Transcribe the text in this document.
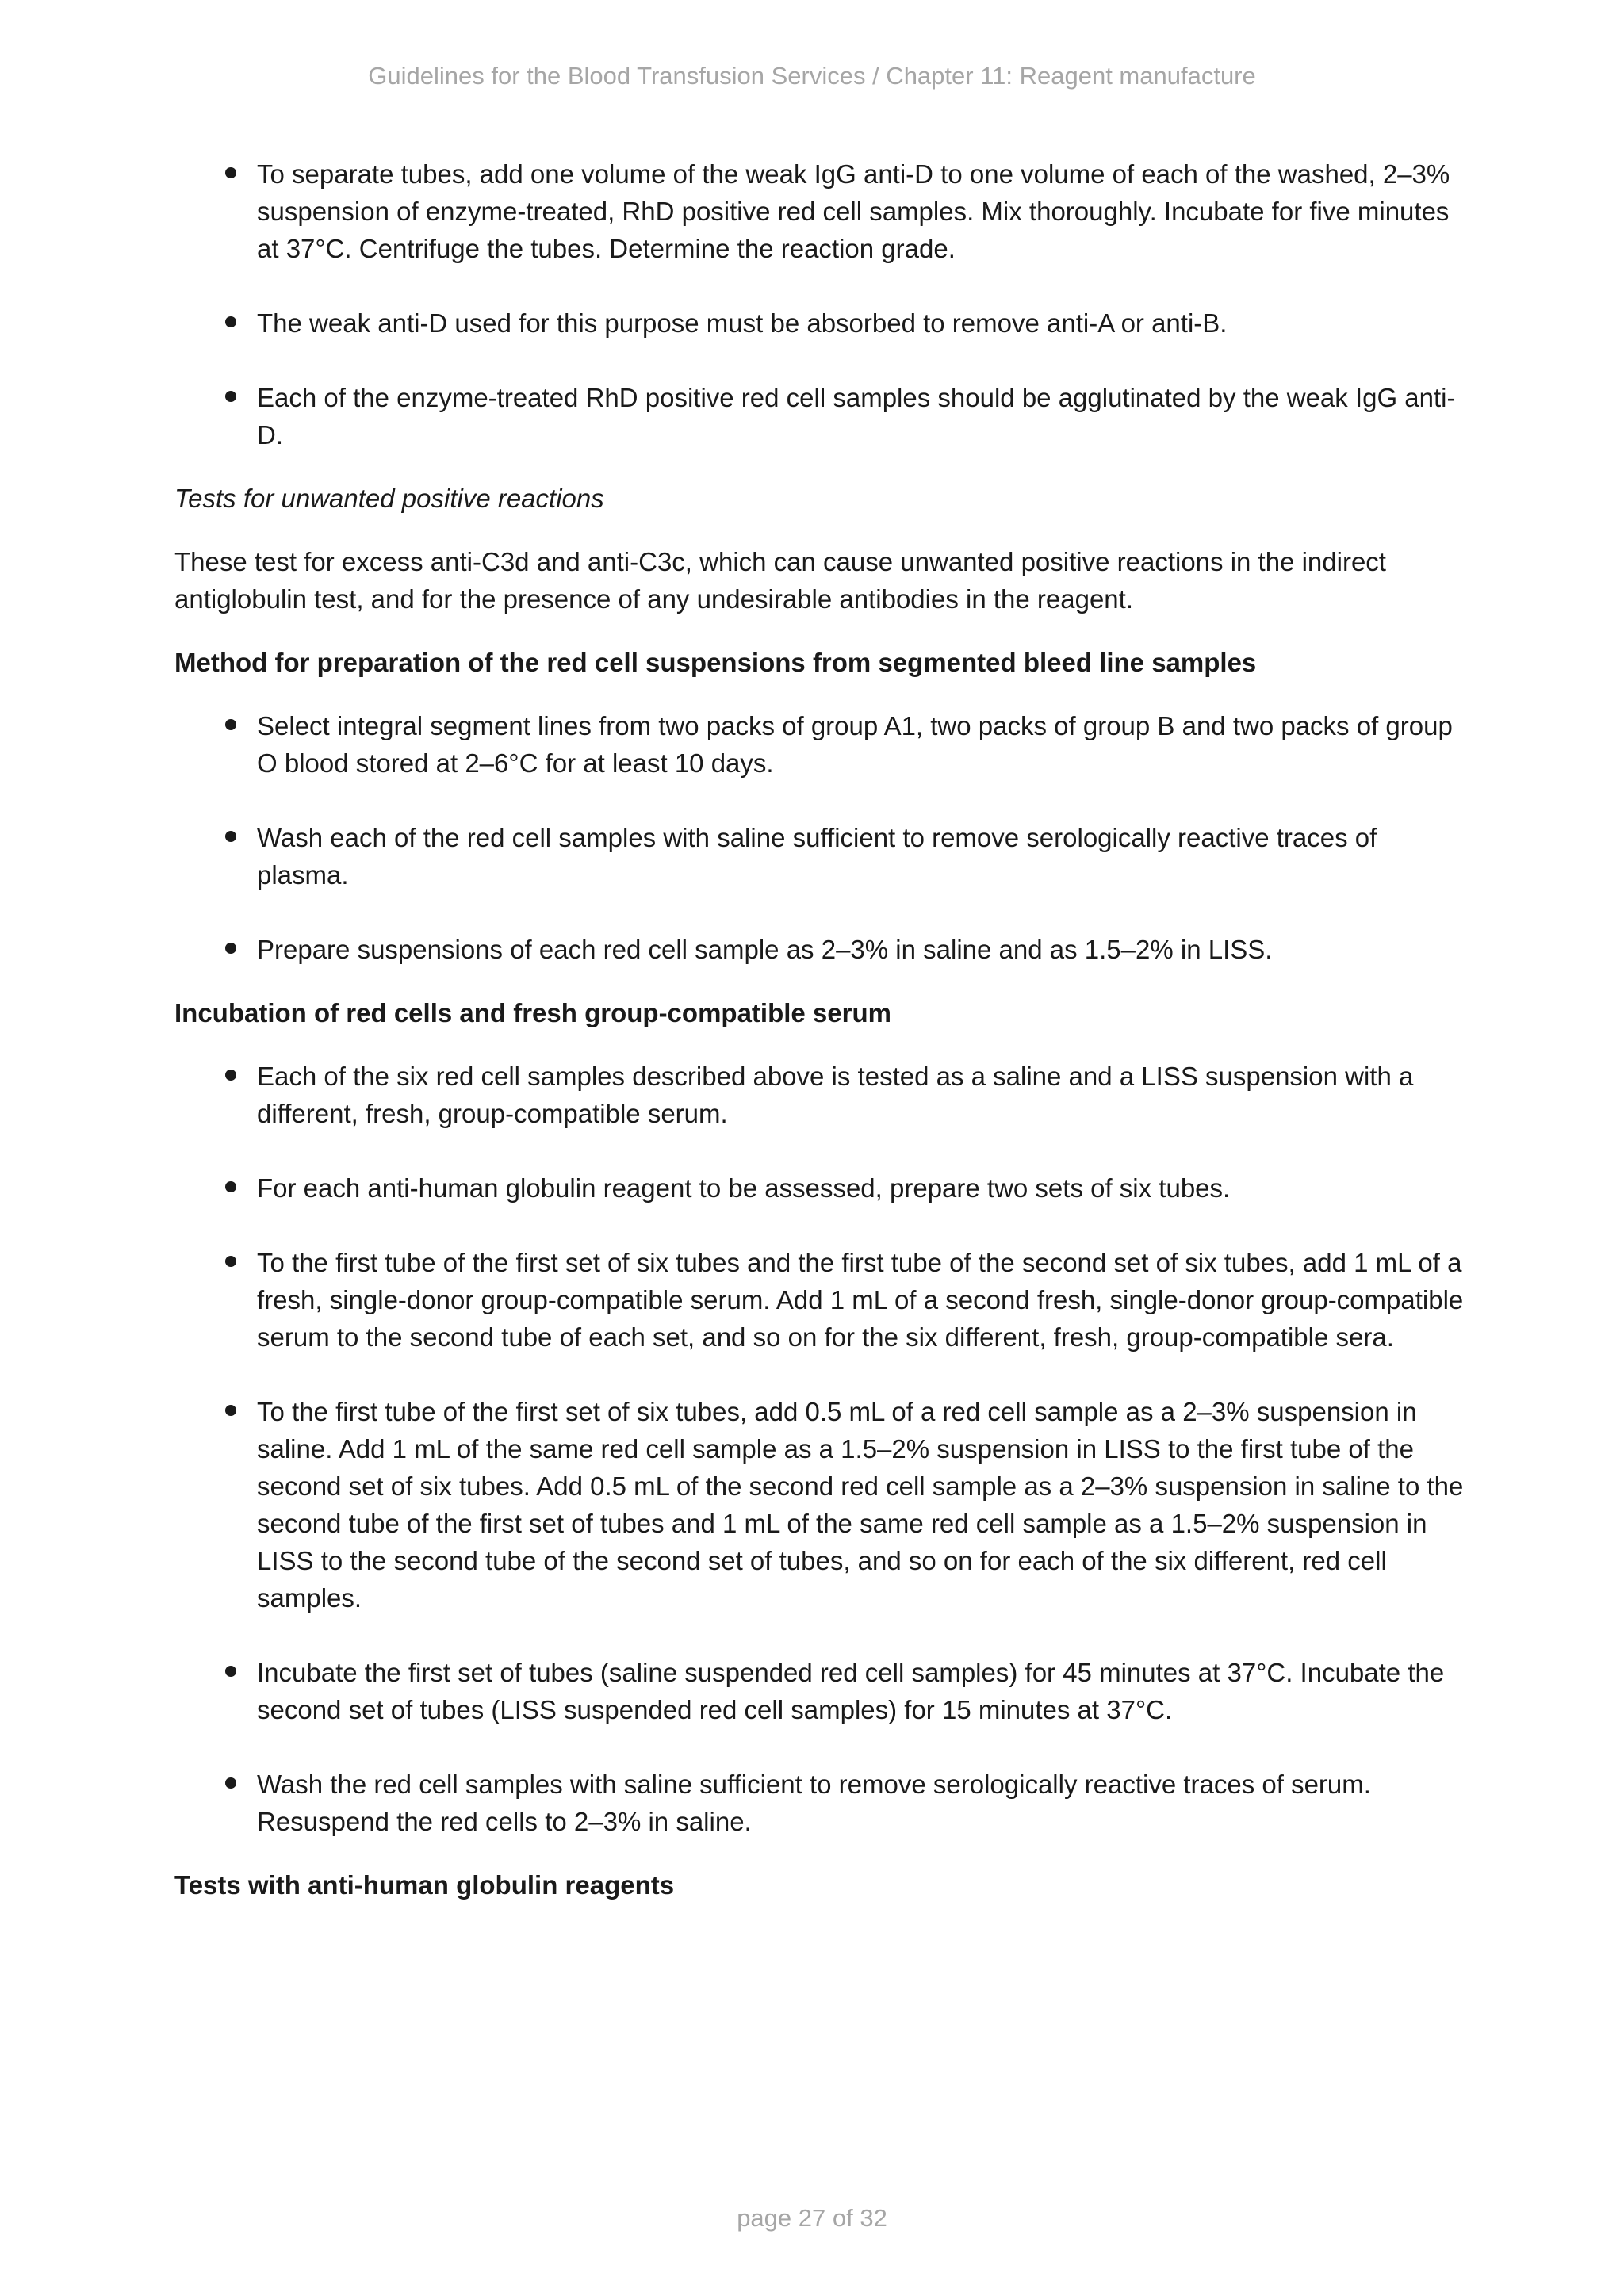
Guidelines for the Blood Transfusion Services / Chapter 11: Reagent manufacture

To separate tubes, add one volume of the weak IgG anti-D to one volume of each of the washed, 2–3% suspension of enzyme-treated, RhD positive red cell samples. Mix thoroughly. Incubate for five minutes at 37°C. Centrifuge the tubes. Determine the reaction grade.
The weak anti-D used for this purpose must be absorbed to remove anti-A or anti-B.
Each of the enzyme-treated RhD positive red cell samples should be agglutinated by the weak IgG anti-D.

Tests for unwanted positive reactions

These test for excess anti-C3d and anti-C3c, which can cause unwanted positive reactions in the indirect antiglobulin test, and for the presence of any undesirable antibodies in the reagent.

Method for preparation of the red cell suspensions from segmented bleed line samples

Select integral segment lines from two packs of group A1, two packs of group B and two packs of group O blood stored at 2–6°C for at least 10 days.
Wash each of the red cell samples with saline sufficient to remove serologically reactive traces of plasma.
Prepare suspensions of each red cell sample as 2–3% in saline and as 1.5–2% in LISS.

Incubation of red cells and fresh group-compatible serum

Each of the six red cell samples described above is tested as a saline and a LISS suspension with a different, fresh, group-compatible serum.
For each anti-human globulin reagent to be assessed, prepare two sets of six tubes.
To the first tube of the first set of six tubes and the first tube of the second set of six tubes, add 1 mL of a fresh, single-donor group-compatible serum. Add 1 mL of a second fresh, single-donor group-compatible serum to the second tube of each set, and so on for the six different, fresh, group-compatible sera.
To the first tube of the first set of six tubes, add 0.5 mL of a red cell sample as a 2–3% suspension in saline. Add 1 mL of the same red cell sample as a 1.5–2% suspension in LISS to the first tube of the second set of six tubes. Add 0.5 mL of the second red cell sample as a 2–3% suspension in saline to the second tube of the first set of tubes and 1 mL of the same red cell sample as a 1.5–2% suspension in LISS to the second tube of the second set of tubes, and so on for each of the six different, red cell samples.
Incubate the first set of tubes (saline suspended red cell samples) for 45 minutes at 37°C. Incubate the second set of tubes (LISS suspended red cell samples) for 15 minutes at 37°C.
Wash the red cell samples with saline sufficient to remove serologically reactive traces of serum. Resuspend the red cells to 2–3% in saline.

Tests with anti-human globulin reagents

page 27 of 32
